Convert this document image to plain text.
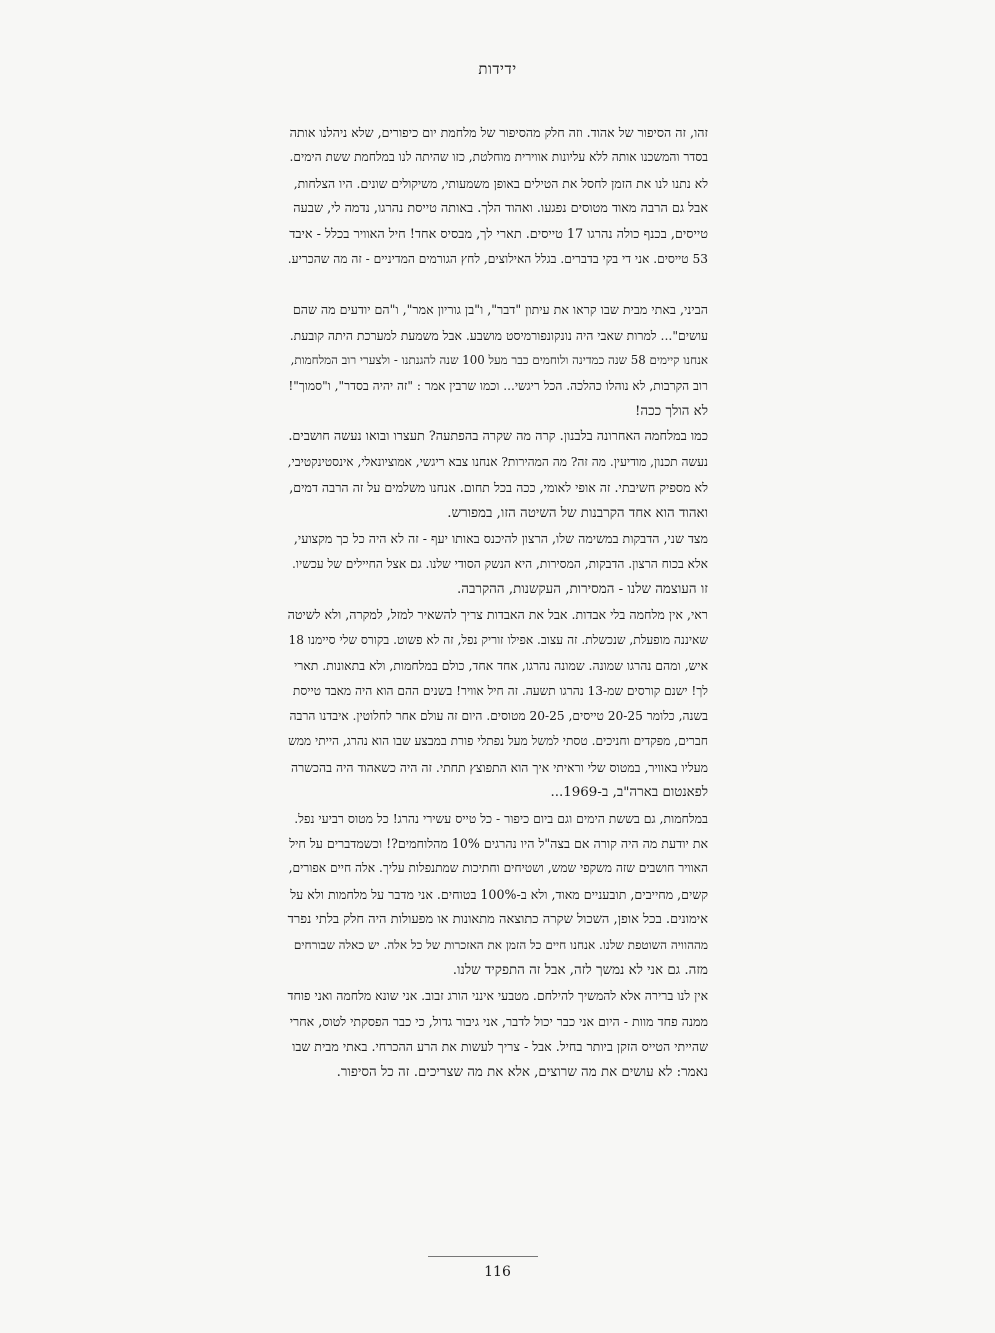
ידידות

זהו, זה הסיפור של אהוד. וזה חלק מהסיפור של מלחמת יום כיפורים, שלא ניהלנו אותה
בסדר והמשכנו אותה ללא עליונות אווירית מוחלטת, כזו שהיתה לנו במלחמת ששת הימים.
לא נתנו לנו את הזמן לחסל את הטילים באופן משמעותי, משיקולים שונים. היו הצלחות,
אבל גם הרבה מאוד מטוסים נפגעו. ואהוד הלך. באותה טייסת נהרגו, נדמה לי, שבעה
טייסים, בכנף כולה נהרגו 17 טייסים. תארי לך, מבסיס אחד! חיל האוויר בכלל - איבד
53 טייסים. אני די בקי בדברים. בגלל האילוצים, לחץ הגורמים המדיניים - זה מה שהכריע.

הביני, באתי מבית שבו קראו את עיתון "דבר", ו"בן גוריון אמר", ו"הם יודעים מה שהם
עושים"... למרות שאבי היה נונקונפורמיסט מושבע. אבל משמעת למערכת היתה קובעת.
אנחנו קיימים 58 שנה כמדינה ולוחמים כבר מעל 100 שנה להגנתנו - ולצערי רוב המלחמות,
רוב הקרבות, לא נוהלו כהלכה. הכל ריגשי... וכמו שרבין אמר : "זה יהיה בסדר", ו"סמוך"!
לא הולך ככה!

כמו במלחמה האחרונה בלבנון. קרה מה שקרה בהפתעה? תעצרו ובואו נעשה חושבים.
נעשה תכנון, מודיעין. מה זה? מה המהירות? אנחנו צבא ריגשי, אמוציונאלי, אינסטינקטיבי,
לא מספיק חשיבתי. זה אופי לאומי, ככה בכל תחום. אנחנו משלמים על זה הרבה דמים,
ואהוד הוא אחד הקרבנות של השיטה הזו, במפורש.

מצד שני, הדבקות במשימה שלו, הרצון להיכנס באותו יעף - זה לא היה כל כך מקצועי,
אלא בכוח הרצון. הדבקות, המסירות, היא הנשק הסודי שלנו. גם אצל החיילים של עכשיו.
זו העוצמה שלנו - המסירות, העקשנות, ההקרבה.

ראי, אין מלחמה בלי אבדות. אבל את האבדות צריך להשאיר למזל, למקרה, ולא לשיטה
שאיננה מופעלת, שנכשלת. זה עצוב. אפילו זוריק נפל, זה לא פשוט. בקורס שלי סיימנו 18
איש, ומהם נהרגו שמונה. שמונה נהרגו, אחד אחד, כולם במלחמות, ולא בתאונות. תארי
לך! ישנם קורסים שמ-13 נהרגו תשעה. זה חיל אוויר! בשנים ההם הוא היה מאבד טייסת
בשנה, כלומר 20-25 טייסים, 20-25 מטוסים. היום זה עולם אחר לחלוטין. איבדנו הרבה
חברים, מפקדים וחניכים. טסתי למשל מעל נפתלי פורת במבצע שבו הוא נהרג, הייתי ממש
מעליו באוויר, במטוס שלי וראיתי איך הוא התפוצץ תחתי. זה היה כשאהוד היה בהכשרה
לפאנטום בארה"ב, ב-1969...

במלחמות, גם בששת הימים וגם ביום כיפור - כל טייס עשירי נהרג! כל מטוס רביעי נפל.
את יודעת מה היה קורה אם בצה"ל היו נהרגים 10% מהלוחמים?! וכשמדברים על חיל
האוויר חושבים שזה משקפי שמש, ושטיחים וחתיכות שמתנפלות עליך. אלה חיים אפורים,
קשים, מחייבים, תובעניים מאוד, ולא ב-100% בטוחים. אני מדבר על מלחמות ולא על
אימונים. בכל אופן, השכול שקרה כתוצאה מתאונות או מפעולות היה חלק בלתי נפרד
מההוויה השוטפת שלנו. אנחנו חיים כל הזמן את האזכרות של כל אלה. יש כאלה שבורחים
מזה. גם אני לא נמשך לזה, אבל זה התפקיד שלנו.

אין לנו ברירה אלא להמשיך להילחם. מטבעי אינני הורג זבוב. אני שונא מלחמה ואני פוחד
ממנה פחד מוות - היום אני כבר יכול לדבר, אני גיבור גדול, כי כבר הפסקתי לטוס, אחרי
שהייתי הטייס הזקן ביותר בחיל. אבל - צריך לעשות את הרע ההכרחי. באתי מבית שבו
נאמר: לא עושים את מה שרוצים, אלא את מה שצריכים. זה כל הסיפור.

116
